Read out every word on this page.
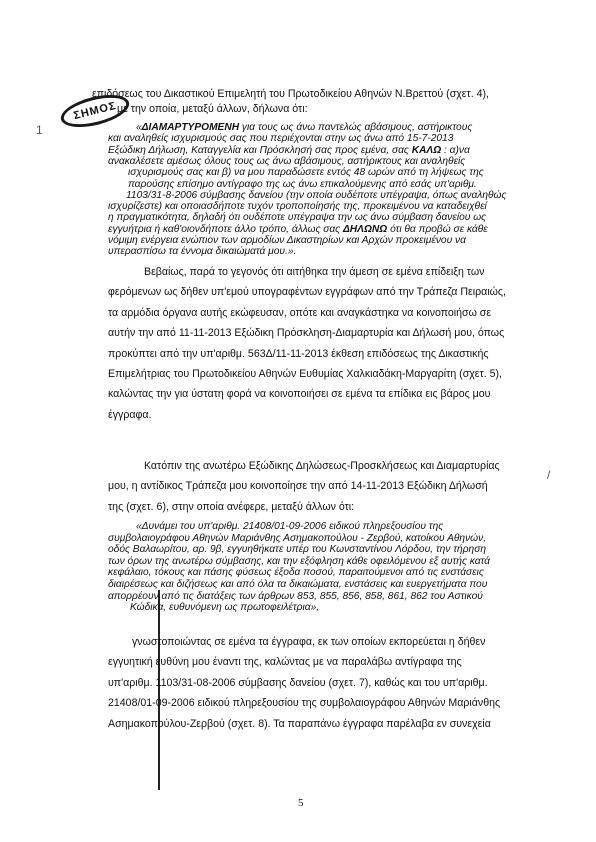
ΣΗΜΟΣ
1
/
επιδόσεως του Δικαστικού Επιμελητή του Πρωτοδικείου Αθηνών Ν.Βρεττού (σχετ. 4),
με την οποία, μεταξύ άλλων, δήλωνα ότι:
«ΔΙΑΜΑΡΤΥΡΟΜΕΝΗ για τους ως άνω παντελώς αβάσιμους, αστήρικτους
και αναληθείς ισχυρισμούς σας που περιέχονται στην ως άνω από 15-7-2013
Εξώδικη Δήλωση, Καταγγελία και Πρόσκλησή σας προς εμένα, σας ΚΑΛΩ : α)να
ανακαλέσετε αμέσως όλους τους ως άνω αβάσιμους, αστήρικτους και αναληθείς
ισχυρισμούς σας και β) να μου παραδώσετε εντός 48 ωρών από τη λήψεως της
παρούσης επίσημο αντίγραφο της ως άνω επικαλούμενης από εσάς υπ'αριθμ.
1103/31-8-2006 σύμβασης δανείου (την οποία ουδέποτε υπέγραψα, όπως αναληθώς
ισχυρίζεστε) και οποιασδήποτε τυχόν τροποποίησής της, προκειμένου να καταδειχθεί
η πραγματικότητα, δηλαδή ότι ουδέποτε υπέγραψα την ως άνω σύμβαση δανείου ως
εγγυήτρια ή καθ'οιονδήποτε άλλο τρόπο, άλλως σας ΔΗΛΩΝΩ ότι θα προβώ σε κάθε
νόμιμη ενέργεια ενώπιον των αρμοδίων Δικαστηρίων και Αρχών προκειμένου να
υπερασπίσω τα έννομα δικαιώματά μου.».
Βεβαίως, παρά το γεγονός ότι αιτήθηκα την άμεση σε εμένα επίδειξη των
φερόμενων ως δήθεν υπ'εμού υπογραφέντων εγγράφων από την Τράπεζα Πειραιώς,
τα αρμόδια όργανα αυτής εκώφευσαν, οπότε και αναγκάστηκα να κοινοποιήσω σε
αυτήν την από 11-11-2013 Εξώδικη Πρόσκληση-Διαμαρτυρία και Δήλωσή μου, όπως
προκύπτει από την υπ'αριθμ. 563Δ/11-11-2013 έκθεση επιδόσεως της Δικαστικής
Επιμελήτριας του Πρωτοδικείου Αθηνών Ευθυμίας Χαλκιαδάκη-Μαργαρίτη (σχετ. 5),
καλώντας την για ύστατη φορά να κοινοποιήσει σε εμένα τα επίδικα εις βάρος μου
έγγραφα.
Κατόπιν της ανωτέρω Εξώδικης Δηλώσεως-Προσκλήσεως και Διαμαρτυρίας
μου, η αντίδικος Τράπεζα μου κοινοποίησε την από 14-11-2013 Εξώδικη Δήλωσή
της (σχετ. 6), στην οποία ανέφερε, μεταξύ άλλων ότι:
«Δυνάμει του υπ'αριθμ. 21408/01-09-2006 ειδικού πληρεξουσίου της
συμβολαιογράφου Αθηνών Μαριάνθης Ασημακοπούλου - Ζερβού, κατοίκου Αθηνών,
οδός Βαλαωρίτου, αρ. 9β, εγγυηθήκατε υπέρ του Κωνσταντίνου Λόρδου, την τήρηση
των όρων της ανωτέρω σύμβασης, και την εξόφληση κάθε οφειλόμενου εξ αυτής κατά
κεφάλαιο, τόκους και πάσης φύσεως έξοδα ποσού, παραιτούμενοι από τις ενστάσεις
διαιρέσεως και διζήσεως και από όλα τα δικαιώματα, ενστάσεις και ευεργετήματα που
απορρέουν από τις διατάξεις των άρθρων 853, 855, 856, 858, 861, 862 του Αστικού
Κώδικα, ευθυνόμενη ως πρωτοφειλέτρια»,
γνωστοποιώντας σε εμένα τα έγγραφα, εκ των οποίων εκπορεύεται η δήθεν
εγγυητική ευθύνη μου έναντι της, καλώντας με να παραλάβω αντίγραφα της
υπ'αριθμ. 1103/31-08-2006 σύμβασης δανείου (σχετ. 7), καθώς και του υπ'αριθμ.
21408/01-09-2006 ειδικού πληρεξουσίου της συμβολαιογράφου Αθηνών Μαριάνθης
Ασημακοπούλου-Ζερβού (σχετ. 8). Τα παραπάνω έγγραφα παρέλαβα εν συνεχεία
5
